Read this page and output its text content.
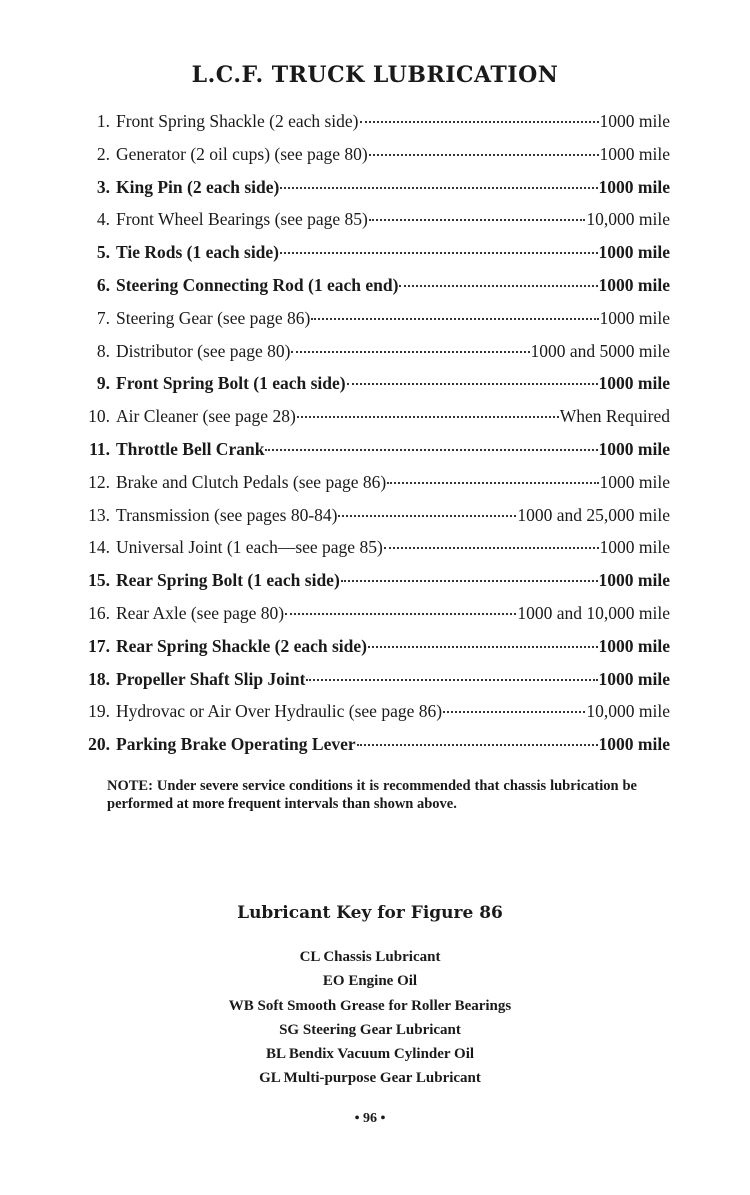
L.C.F. TRUCK LUBRICATION
1. Front Spring Shackle (2 each side)	1000 mile
2. Generator (2 oil cups) (see page 80)	1000 mile
3. King Pin (2 each side)	1000 mile
4. Front Wheel Bearings (see page 85)	10,000 mile
5. Tie Rods (1 each side)	1000 mile
6. Steering Connecting Rod (1 each end)	1000 mile
7. Steering Gear (see page 86)	1000 mile
8. Distributor (see page 80)	1000 and 5000 mile
9. Front Spring Bolt (1 each side)	1000 mile
10. Air Cleaner (see page 28)	When Required
11. Throttle Bell Crank	1000 mile
12. Brake and Clutch Pedals (see page 86)	1000 mile
13. Transmission (see pages 80-84)	1000 and 25,000 mile
14. Universal Joint (1 each—see page 85)	1000 mile
15. Rear Spring Bolt (1 each side)	1000 mile
16. Rear Axle (see page 80)	1000 and 10,000 mile
17. Rear Spring Shackle (2 each side)	1000 mile
18. Propeller Shaft Slip Joint	1000 mile
19. Hydrovac or Air Over Hydraulic (see page 86)	10,000 mile
20. Parking Brake Operating Lever	1000 mile
NOTE: Under severe service conditions it is recommended that chassis lubrication be performed at more frequent intervals than shown above.
Lubricant Key for Figure 86
CL Chassis Lubricant
EO Engine Oil
WB Soft Smooth Grease for Roller Bearings
SG Steering Gear Lubricant
BL Bendix Vacuum Cylinder Oil
GL Multi-purpose Gear Lubricant
• 96 •
